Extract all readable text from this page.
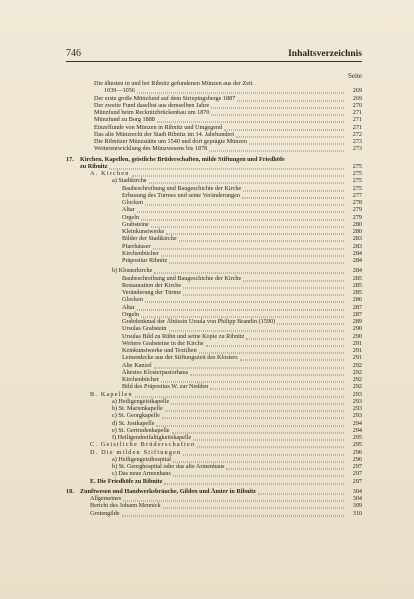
746	Inhaltsverzeichnis
Seite
Die ältesten in und bei Ribnitz gefundenen Münzen aus der Zeit
1039—1056	269
Der erste große Münzfund auf dem Striepingsberge 1887	269
Der zweite Fund daselbst aus demselben Jahre	270
Münzfund beim Recknitzbrückenbau um 1870	271
Münzfund zu Borg 1888	271
Einzelfunde von Münzen in Ribnitz und Umgegend	271
Das alte Münzrecht der Stadt Ribnitz im 14. Jahrhundert	272
Die Ribnitzer Münzstätte um 1540 und dort geprägte Münzen	273
Weiterentwicklung des Münzwesens bis 1878	273
17. Kirchen, Kapellen, geistliche Brüderschaften, milde Stiftungen und Friedhöfe
zu Ribnitz	275
A. Kirchen	275
a) Stadtkirche	275
Baubeschreibung und Baugeschichte der Kirche	275
Erbauung des Turmes und seine Veränderungen	277
Glocken	278
Altar	279
Orgeln	279
Grabsteine	280
Kleinkunstwerke	280
Bilder der Stadtkirche	283
Pfarrhäuser	283
Kirchenbücher	284
Präpositur Ribnitz	284
b) Klosterkirche	284
Baubeschreibung und Baugeschichte der Kirche	285
Restauration der Kirche	285
Veränderung der Türme	285
Glocken	286
Altar	287
Orgeln	287
Grabdenkmal der Äbtissin Ursula von Philipp Brandin (1590)	289
Ursulas Grabstein	290
Ursulas Bild zu Rühn und seine Kopie zu Ribnitz	290
Weitere Grabsteine in der Kirche	291
Keinkunstwerke und Textilien	291
Leinendecke aus der Stiftungszeit des Klosters	291
Alte Kanzel	292
Ältestes Klosterpastorhaus	292
Kirchenbücher	292
Bild des Präpositus W. zur Nedden	292
B. Kapellen	293
a) Heiligengeistkapelle	293
b) St. Marienkapelle	293
c) St. Georgkapelle	293
d) St. Jostkapelle	294
e) St. Gertrudenkapelle	294
f) Heiligendreifaltigkeitskapelle	295
C. Geistliche Brüderschaften	295
D. Die milden Stiftungen	296
a) Heiligengeisthospital	296
b) St. Georghospital oder das alte Armenhaus	297
c) Das neue Armenhaus	297
E. Die Friedhöfe zu Ribnitz	297
18. Zunftwesen und Handwerksbräuche, Gilden und Ämter in Ribnitz	304
Allgemeines	304
Bericht des Johann Mennick	309
Grotengilde	310
